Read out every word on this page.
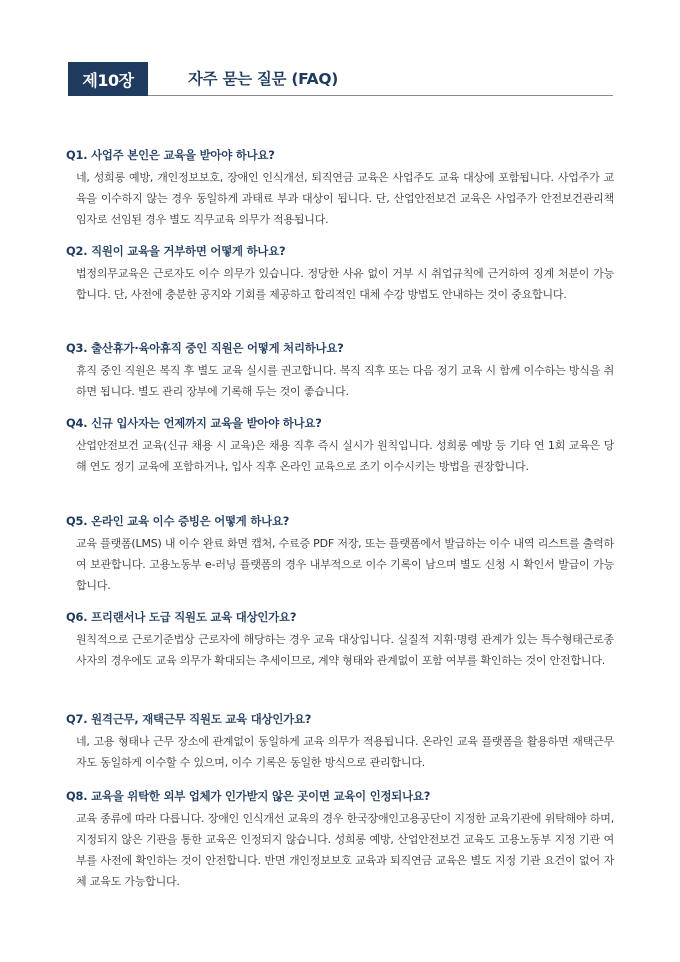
제10장	자주 묻는 질문 (FAQ)
Q1. 사업주 본인은 교육을 받아야 하나요?
네, 성희롱 예방, 개인정보보호, 장애인 인식개선, 퇴직연금 교육은 사업주도 교육 대상에 포함됩니다. 사업주가 교육을 이수하지 않는 경우 동일하게 과태료 부과 대상이 됩니다. 단, 산업안전보건 교육은 사업주가 안전보건관리책임자로 선임된 경우 별도 직무교육 의무가 적용됩니다.
Q2. 직원이 교육을 거부하면 어떻게 하나요?
법정의무교육은 근로자도 이수 의무가 있습니다. 정당한 사유 없이 거부 시 취업규칙에 근거하여 징계 처분이 가능합니다. 단, 사전에 충분한 공지와 기회를 제공하고 합리적인 대체 수강 방법도 안내하는 것이 중요합니다.
Q3. 출산휴가·육아휴직 중인 직원은 어떻게 처리하나요?
휴직 중인 직원은 복직 후 별도 교육 실시를 권고합니다. 복직 직후 또는 다음 정기 교육 시 함께 이수하는 방식을 취하면 됩니다. 별도 관리 장부에 기록해 두는 것이 좋습니다.
Q4. 신규 입사자는 언제까지 교육을 받아야 하나요?
산업안전보건 교육(신규 채용 시 교육)은 채용 직후 즉시 실시가 원칙입니다. 성희롱 예방 등 기타 연 1회 교육은 당해 연도 정기 교육에 포함하거나, 입사 직후 온라인 교육으로 조기 이수시키는 방법을 권장합니다.
Q5. 온라인 교육 이수 증빙은 어떻게 하나요?
교육 플랫폼(LMS) 내 이수 완료 화면 캡처, 수료증 PDF 저장, 또는 플랫폼에서 발급하는 이수 내역 리스트를 출력하여 보관합니다. 고용노동부 e-러닝 플랫폼의 경우 내부적으로 이수 기록이 남으며 별도 신청 시 확인서 발급이 가능합니다.
Q6. 프리랜서나 도급 직원도 교육 대상인가요?
원칙적으로 근로기준법상 근로자에 해당하는 경우 교육 대상입니다. 실질적 지휘·명령 관계가 있는 특수형태근로종사자의 경우에도 교육 의무가 확대되는 추세이므로, 계약 형태와 관계없이 포함 여부를 확인하는 것이 안전합니다.
Q7. 원격근무, 재택근무 직원도 교육 대상인가요?
네, 고용 형태나 근무 장소에 관계없이 동일하게 교육 의무가 적용됩니다. 온라인 교육 플랫폼을 활용하면 재택근무자도 동일하게 이수할 수 있으며, 이수 기록은 동일한 방식으로 관리합니다.
Q8. 교육을 위탁한 외부 업체가 인가받지 않은 곳이면 교육이 인정되나요?
교육 종류에 따라 다릅니다. 장애인 인식개선 교육의 경우 한국장애인고용공단이 지정한 교육기관에 위탁해야 하며, 지정되지 않은 기관을 통한 교육은 인정되지 않습니다. 성희롱 예방, 산업안전보건 교육도 고용노동부 지정 기관 여부를 사전에 확인하는 것이 안전합니다. 반면 개인정보보호 교육과 퇴직연금 교육은 별도 지정 기관 요건이 없어 자체 교육도 가능합니다.
